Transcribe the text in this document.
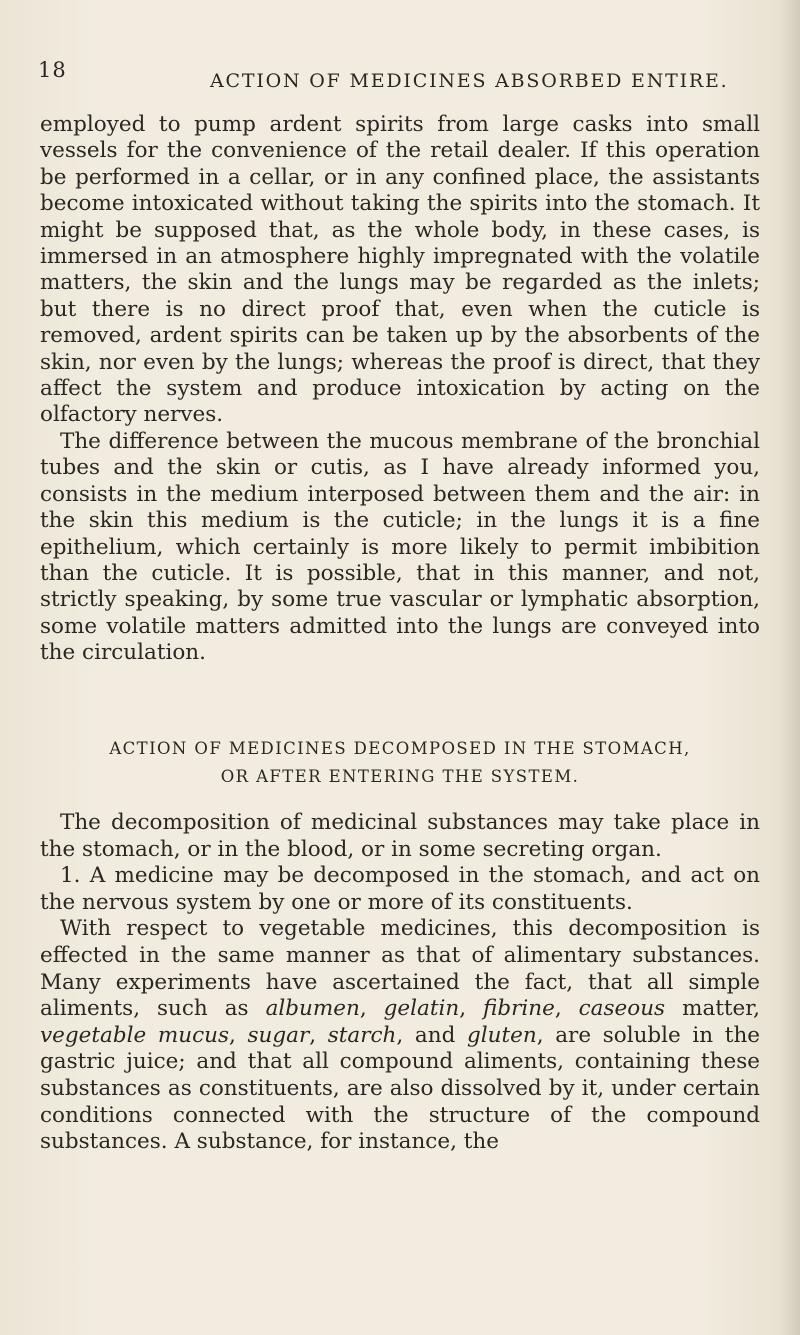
18	ACTION OF MEDICINES ABSORBED ENTIRE.

employed to pump ardent spirits from large casks into small vessels for the convenience of the retail dealer. If this operation be performed in a cellar, or in any confined place, the assistants become intoxicated without taking the spirits into the stomach. It might be supposed that, as the whole body, in these cases, is immersed in an atmosphere highly impregnated with the volatile matters, the skin and the lungs may be regarded as the inlets; but there is no direct proof that, even when the cuticle is removed, ardent spirits can be taken up by the absorbents of the skin, nor even by the lungs; whereas the proof is direct, that they affect the system and produce intoxication by acting on the olfactory nerves.

The difference between the mucous membrane of the bronchial tubes and the skin or cutis, as I have already informed you, consists in the medium interposed between them and the air: in the skin this medium is the cuticle; in the lungs it is a fine epithelium, which certainly is more likely to permit imbibition than the cuticle. It is possible, that in this manner, and not, strictly speaking, by some true vascular or lymphatic absorption, some volatile matters admitted into the lungs are conveyed into the circulation.

ACTION OF MEDICINES DECOMPOSED IN THE STOMACH,
OR AFTER ENTERING THE SYSTEM.

The decomposition of medicinal substances may take place in the stomach, or in the blood, or in some secreting organ.

1. A medicine may be decomposed in the stomach, and act on the nervous system by one or more of its constituents.

With respect to vegetable medicines, this decomposition is effected in the same manner as that of alimentary substances. Many experiments have ascertained the fact, that all simple aliments, such as albumen, gelatin, fibrine, caseous matter, vegetable mucus, sugar, starch, and gluten, are soluble in the gastric juice; and that all compound aliments, containing these substances as constituents, are also dissolved by it, under certain conditions connected with the structure of the compound substances. A substance, for instance, the
